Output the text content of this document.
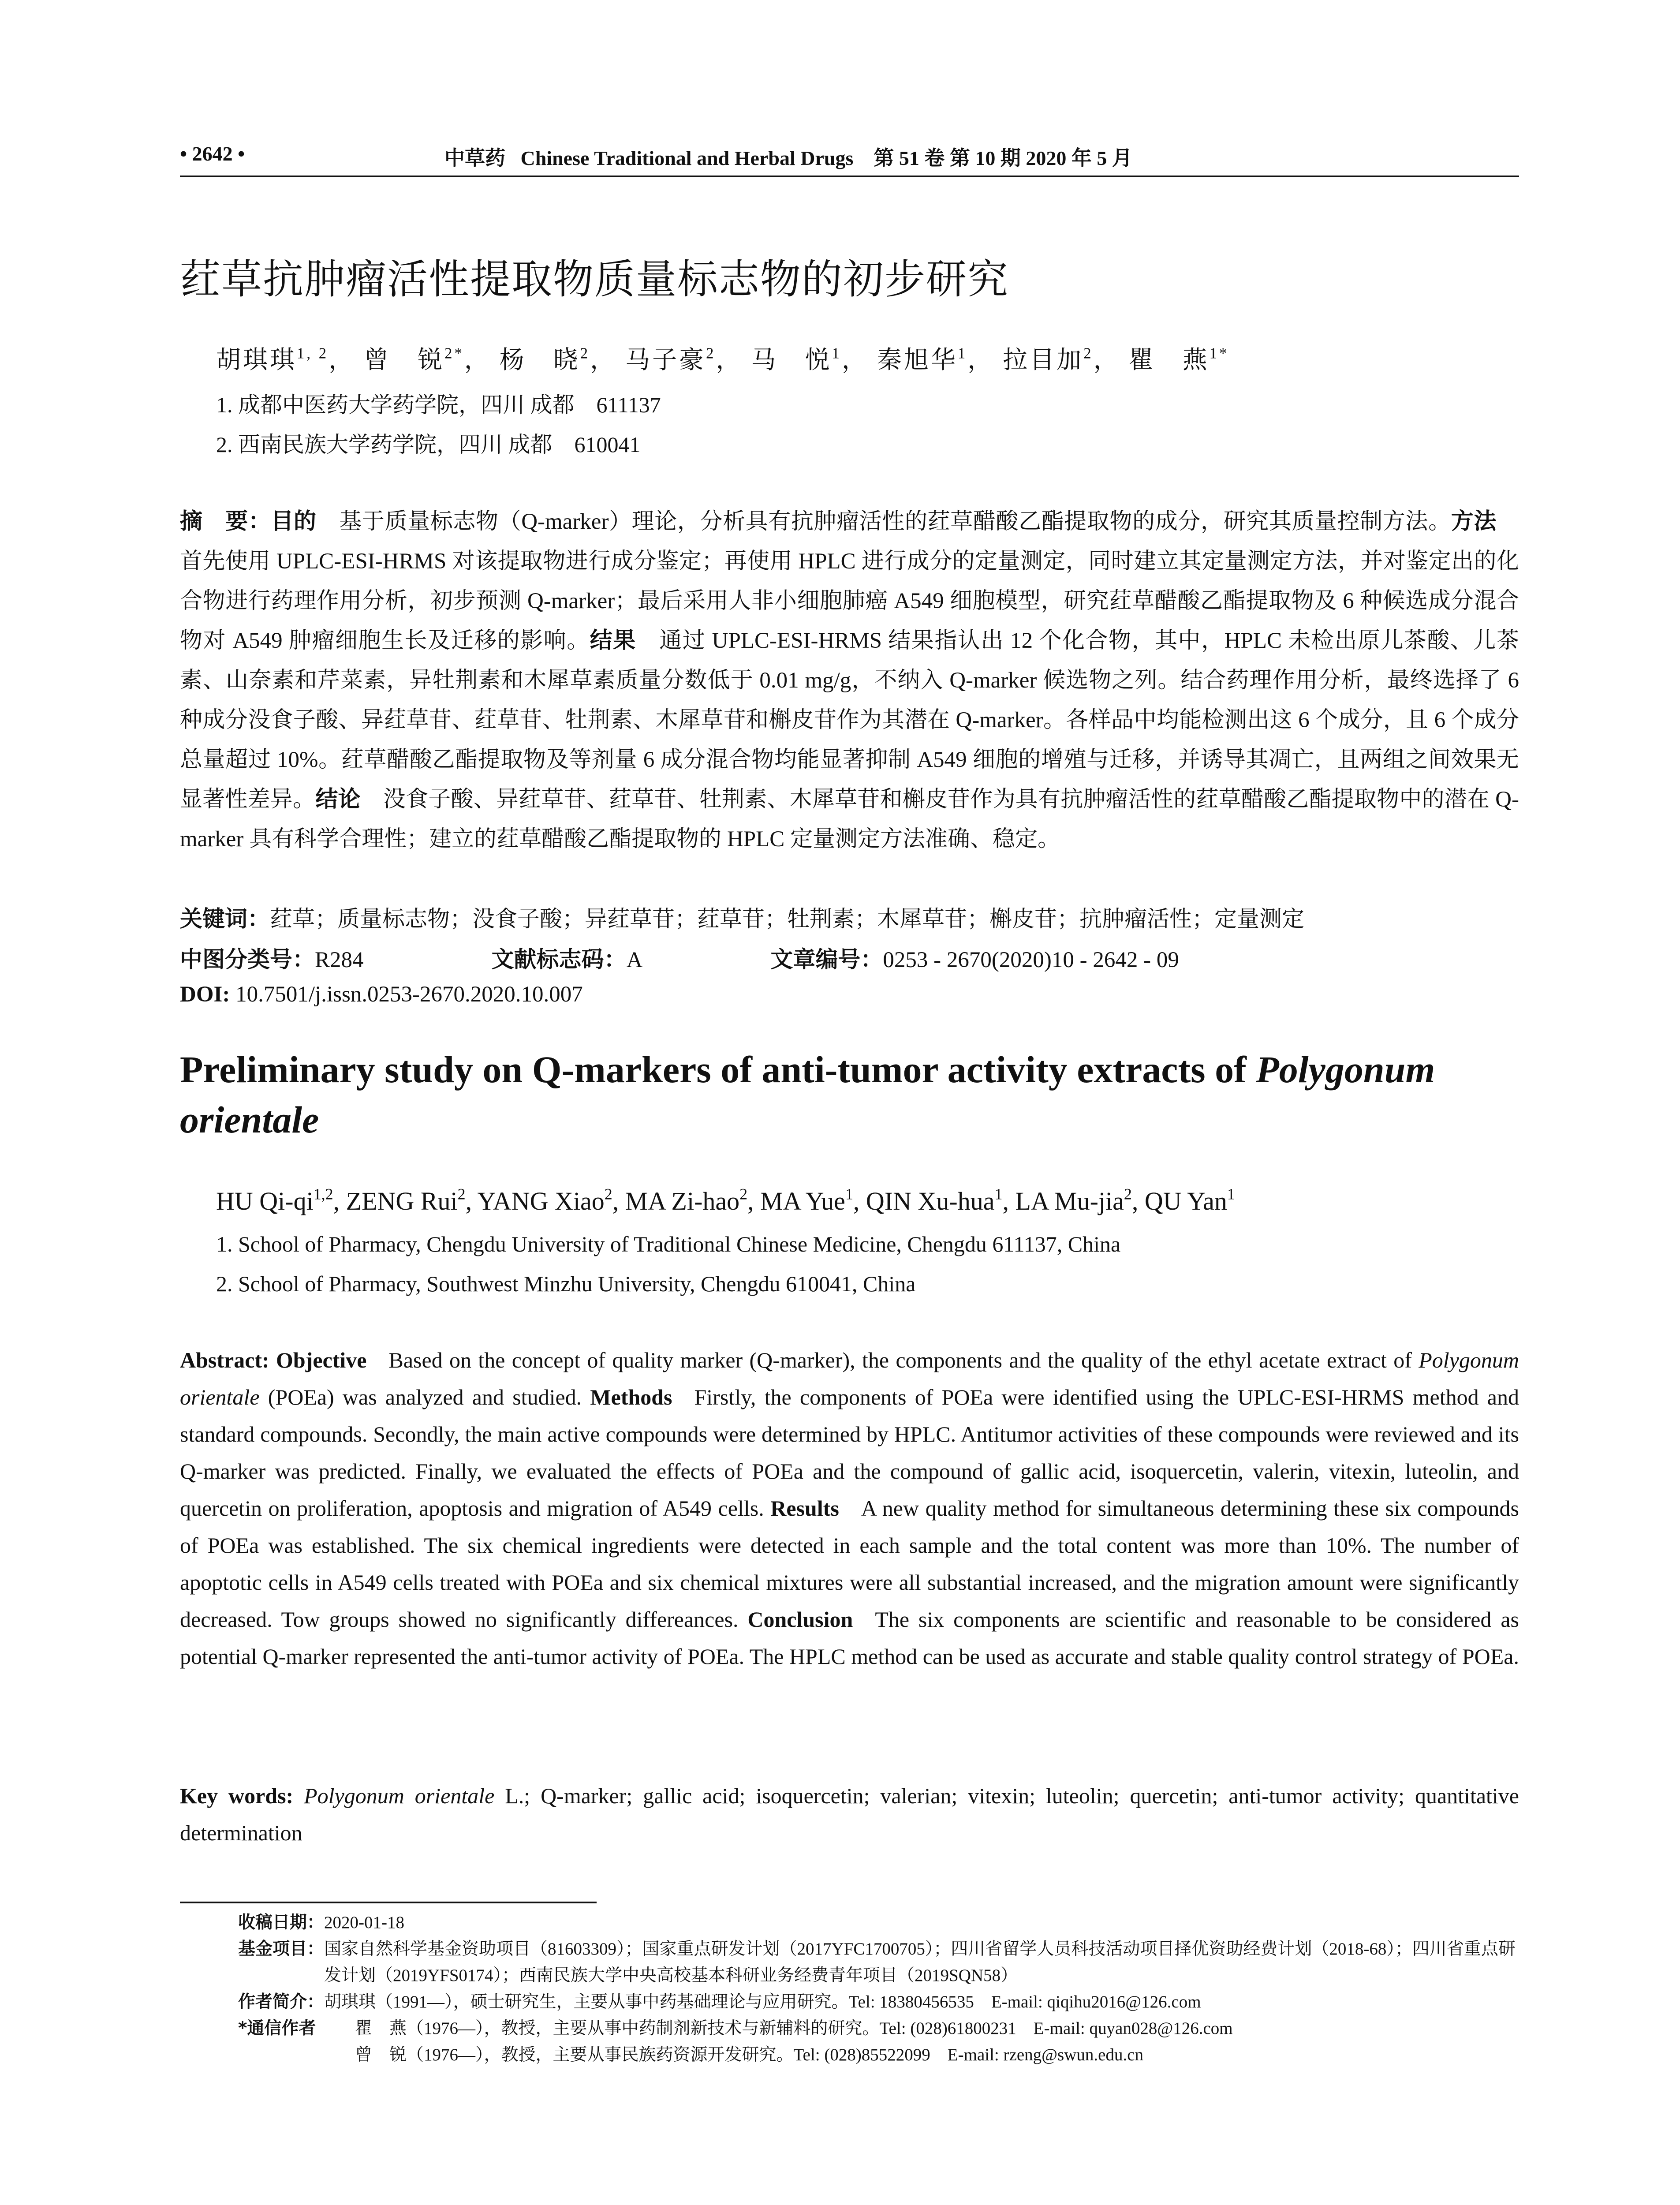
• 2642 •	中草药 Chinese Traditional and Herbal Drugs 第 51 卷 第 10 期 2020 年 5 月
荭草抗肿瘤活性提取物质量标志物的初步研究
胡琪琪$^{1, 2}$， 曾　锐$^{2*}$， 杨　晓$^2$， 马子豪$^2$， 马　悦$^1$， 秦旭华$^1$， 拉目加$^2$， 瞿　燕$^{1*}$
1. 成都中医药大学药学院，四川 成都　611137
2. 西南民族大学药学院，四川 成都　610041
摘　要：目的  基于质量标志物（Q-marker）理论，分析具有抗肿瘤活性的荭草醋酸乙酯提取物的成分，研究其质量控制方法。方法 首先使用 UPLC-ESI-HRMS 对该提取物进行成分鉴定；再使用 HPLC 进行成分的定量测定，同时建立其定量测定方法，并对鉴定出的化合物进行药理作用分析，初步预测 Q-marker；最后采用人非小细胞肺癌 A549 细胞模型，研究荭草醋酸乙酯提取物及 6 种候选成分混合物对 A549 肿瘤细胞生长及迁移的影响。结果  通过 UPLC-ESI-HRMS 结果指认出 12 个化合物，其中，HPLC 未检出原儿茶酸、儿茶素、山奈素和芹菜素，异牡荆素和木犀草素质量分数低于 0.01 mg/g，不纳入 Q-marker 候选物之列。结合药理作用分析，最终选择了 6 种成分没食子酸、异荭草苷、荭草苷、牡荆素、木犀草苷和槲皮苷作为其潜在 Q-marker。各样品中均能检测出这 6 个成分，且 6 个成分总量超过 10%。荭草醋酸乙酯提取物及等剂量 6 成分混合物均能显著抑制 A549 细胞的增殖与迁移，并诱导其凋亡，且两组之间效果无显著性差异。结论  没食子酸、异荭草苷、荭草苷、牡荆素、木犀草苷和槲皮苷作为具有抗肿瘤活性的荭草醋酸乙酯提取物中的潜在 Q-marker 具有科学合理性；建立的荭草醋酸乙酯提取物的 HPLC 定量测定方法准确、稳定。
关键词：荭草；质量标志物；没食子酸；异荭草苷；荭草苷；牡荆素；木犀草苷；槲皮苷；抗肿瘤活性；定量测定
中图分类号：R284	文献标志码：A	文章编号：0253 - 2670(2020)10 - 2642 - 09
DOI: 10.7501/j.issn.0253-2670.2020.10.007
Preliminary study on Q-markers of anti-tumor activity extracts of Polygonum orientale
HU Qi-qi$^{1,2}$, ZENG Rui$^2$, YANG Xiao$^2$, MA Zi-hao$^2$, MA Yue$^1$, QIN Xu-hua$^1$, LA Mu-jia$^2$, QU Yan$^1$
1. School of Pharmacy, Chengdu University of Traditional Chinese Medicine, Chengdu 611137, China
2. School of Pharmacy, Southwest Minzhu University, Chengdu 610041, China
Abstract: Objective  Based on the concept of quality marker (Q-marker), the components and the quality of the ethyl acetate extract of Polygonum orientale (POEa) was analyzed and studied. Methods  Firstly, the components of POEa were identified using the UPLC-ESI-HRMS method and standard compounds. Secondly, the main active compounds were determined by HPLC. Antitumor activities of these compounds were reviewed and its Q-marker was predicted. Finally, we evaluated the effects of POEa and the compound of gallic acid, isoquercetin, valerin, vitexin, luteolin, and quercetin on proliferation, apoptosis and migration of A549 cells. Results  A new quality method for simultaneous determining these six compounds of POEa was established. The six chemical ingredients were detected in each sample and the total content was more than 10%. The number of apoptotic cells in A549 cells treated with POEa and six chemical mixtures were all substantial increased, and the migration amount were significantly decreased. Tow groups showed no significantly differeances. Conclusion  The six components are scientific and reasonable to be considered as potential Q-marker represented the anti-tumor activity of POEa. The HPLC method can be used as accurate and stable quality control strategy of POEa.
Key words: Polygonum orientale L.; Q-marker; gallic acid; isoquercetin; valerian; vitexin; luteolin; quercetin; anti-tumor activity; quantitative determination
收稿日期： 2020-01-18
基金项目： 国家自然科学基金资助项目（81603309）；国家重点研发计划（2017YFC1700705）；四川省留学人员科技活动项目择优资助经费计划（2018-68）；四川省重点研发计划（2019YFS0174）；西南民族大学中央高校基本科研业务经费青年项目（2019SQN58）
作者简介： 胡琪琪（1991—），硕士研究生，主要从事中药基础理论与应用研究。Tel: 18380456535　E-mail: qiqihu2016@126.com
*通信作者	瞿　燕（1976—），教授，主要从事中药制剂新技术与新辅料的研究。Tel: (028)61800231　E-mail: quyan028@126.com
曾　锐（1976—），教授，主要从事民族药资源开发研究。Tel: (028)85522099　E-mail: rzeng@swun.edu.cn
